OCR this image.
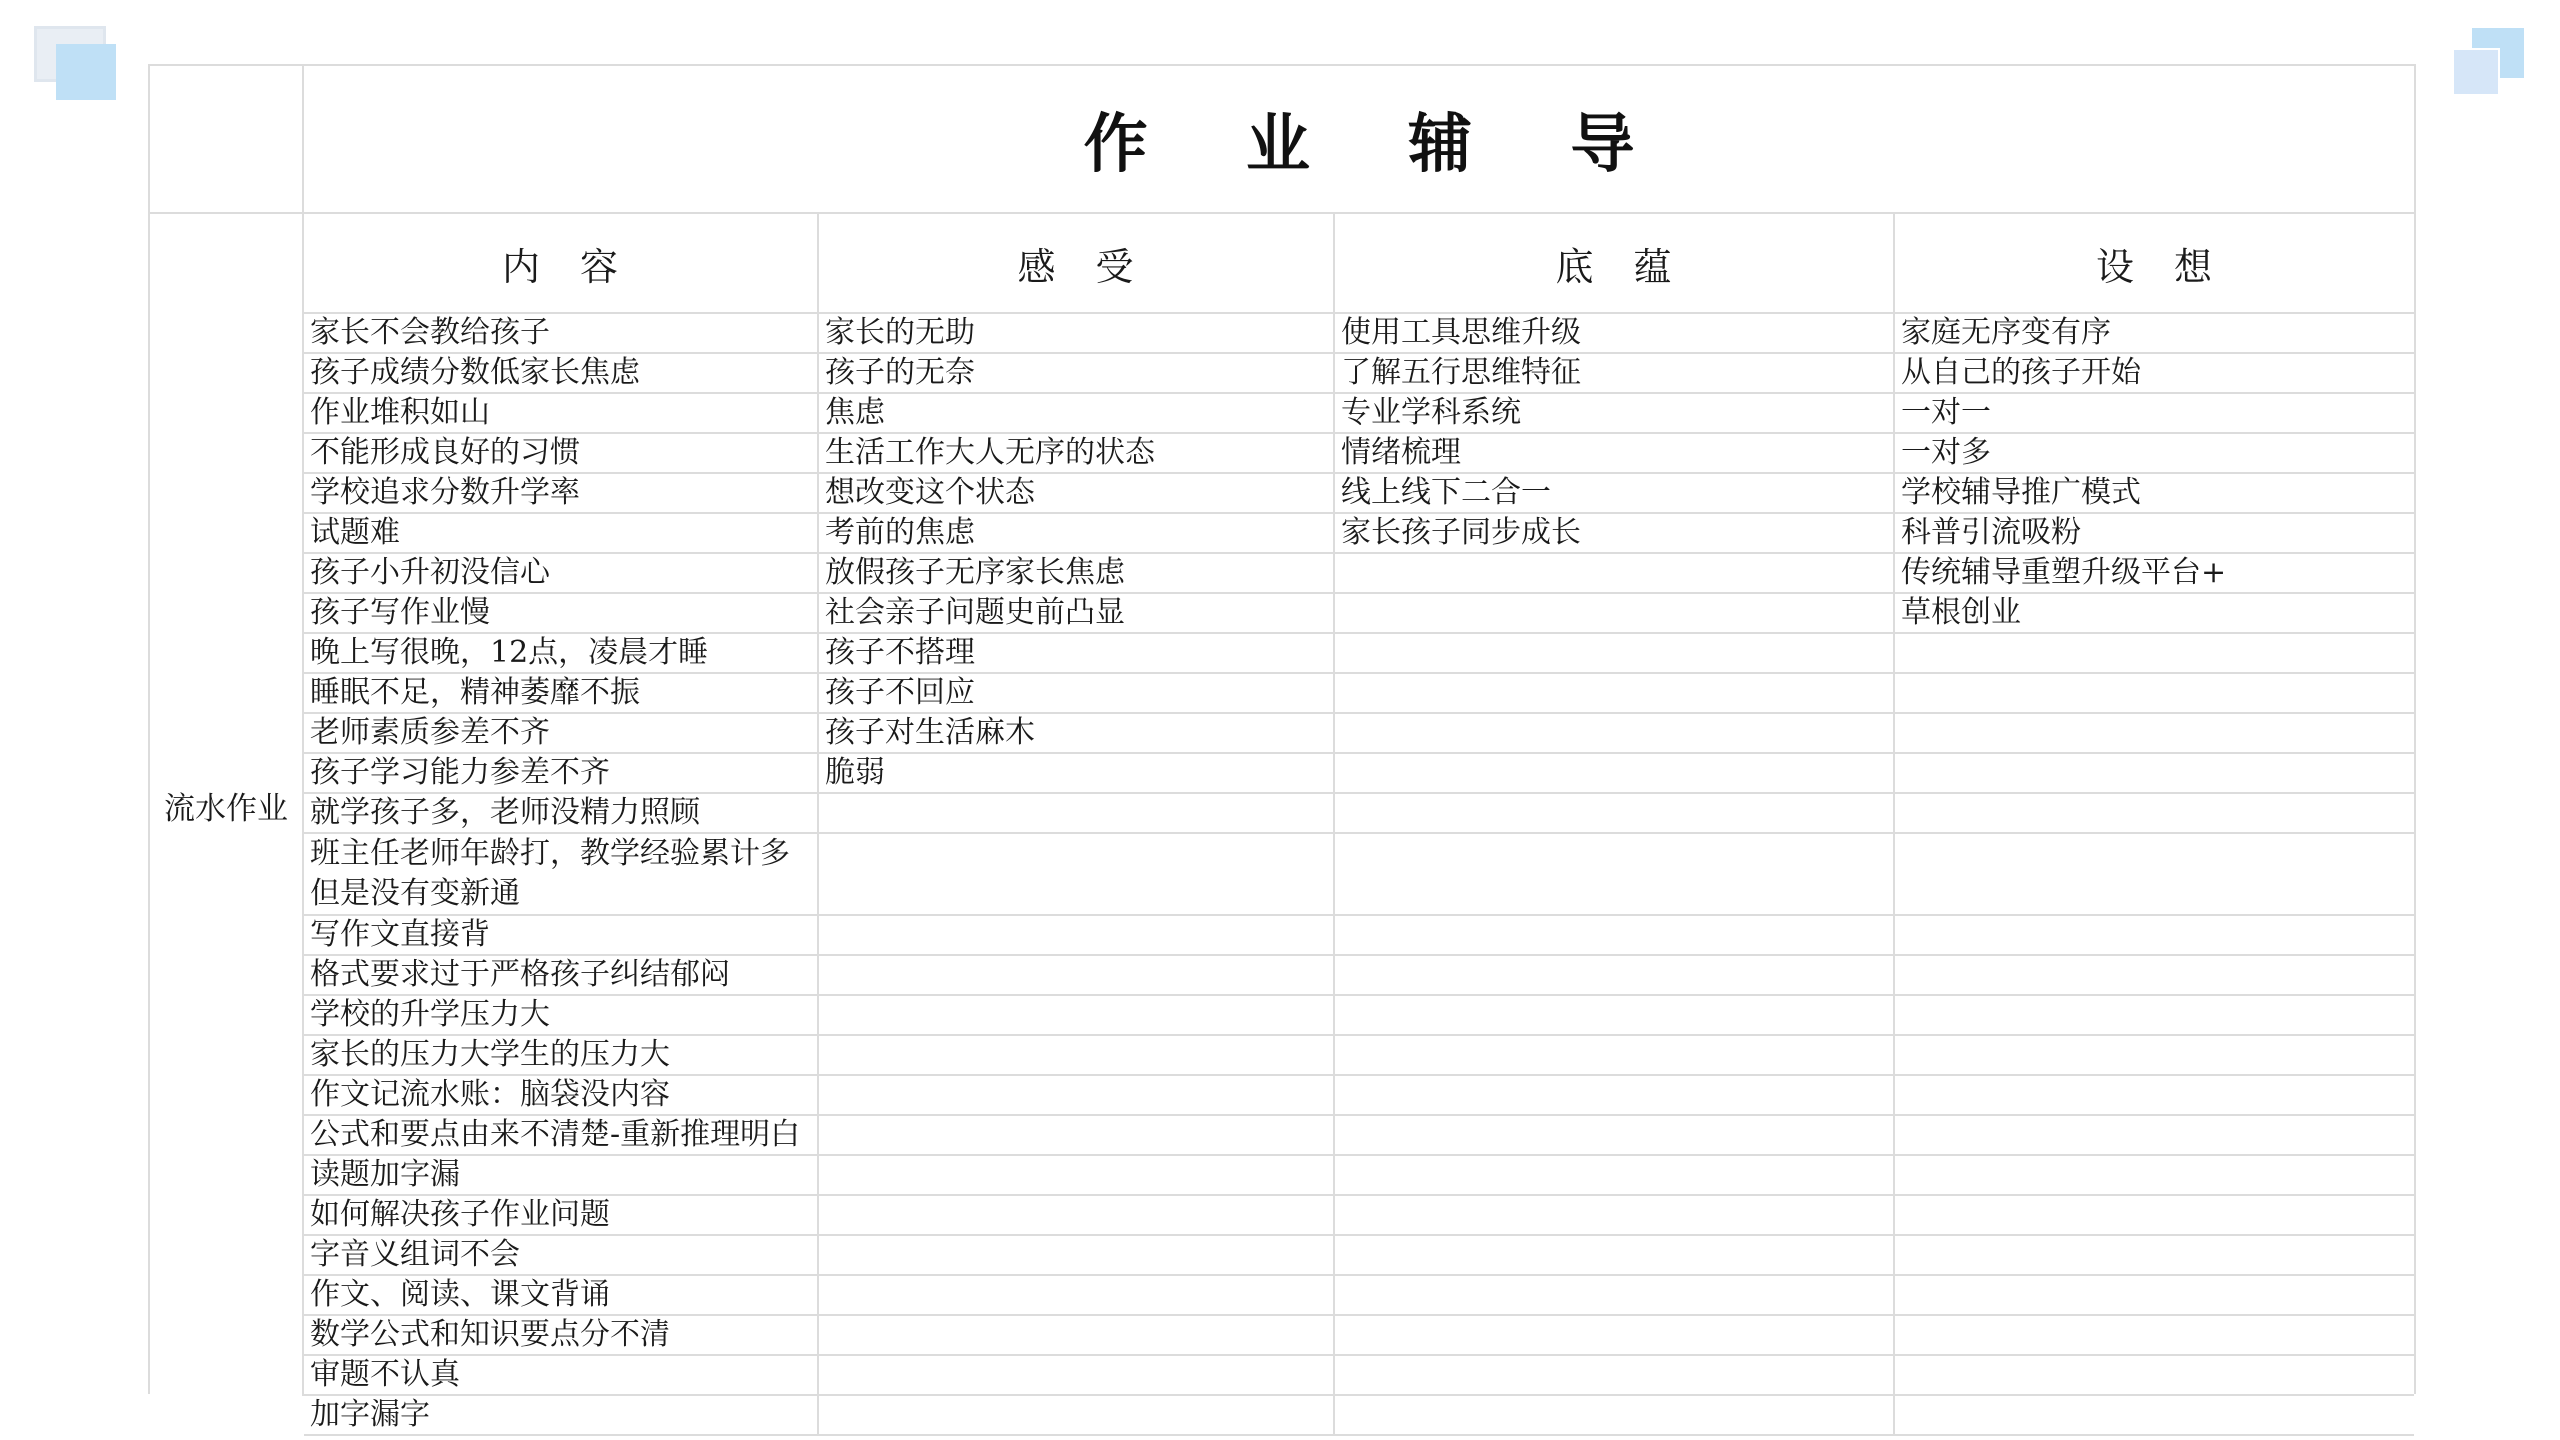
作 业 辅 导
流水作业
内容	感受	底蕴	设想
家长不会教给孩子	家长的无助	使用工具思维升级	家庭无序变有序
孩子成绩分数低家长焦虑	孩子的无奈	了解五行思维特征	从自己的孩子开始
作业堆积如山	焦虑	专业学科系统	一对一
不能形成良好的习惯	生活工作大人无序的状态	情绪梳理	一对多
学校追求分数升学率	想改变这个状态	线上线下二合一	学校辅导推广模式
试题难	考前的焦虑	家长孩子同步成长	科普引流吸粉
孩子小升初没信心	放假孩子无序家长焦虑		传统辅导重塑升级平台+
孩子写作业慢	社会亲子问题史前凸显		草根创业
晚上写很晚，12点，凌晨才睡	孩子不搭理		
睡眠不足，精神萎靡不振	孩子不回应		
老师素质参差不齐	孩子对生活麻木		
孩子学习能力参差不齐	脆弱		
就学孩子多，老师没精力照顾			
班主任老师年龄打，教学经验累计多但是没有变新通			
写作文直接背			
格式要求过于严格孩子纠结郁闷			
学校的升学压力大			
家长的压力大学生的压力大			
作文记流水账：脑袋没内容			
公式和要点由来不清楚-重新推理明白			
读题加字漏			
如何解决孩子作业问题			
字音义组词不会			
作文、阅读、课文背诵			
数学公式和知识要点分不清			
审题不认真			
加字漏字			
